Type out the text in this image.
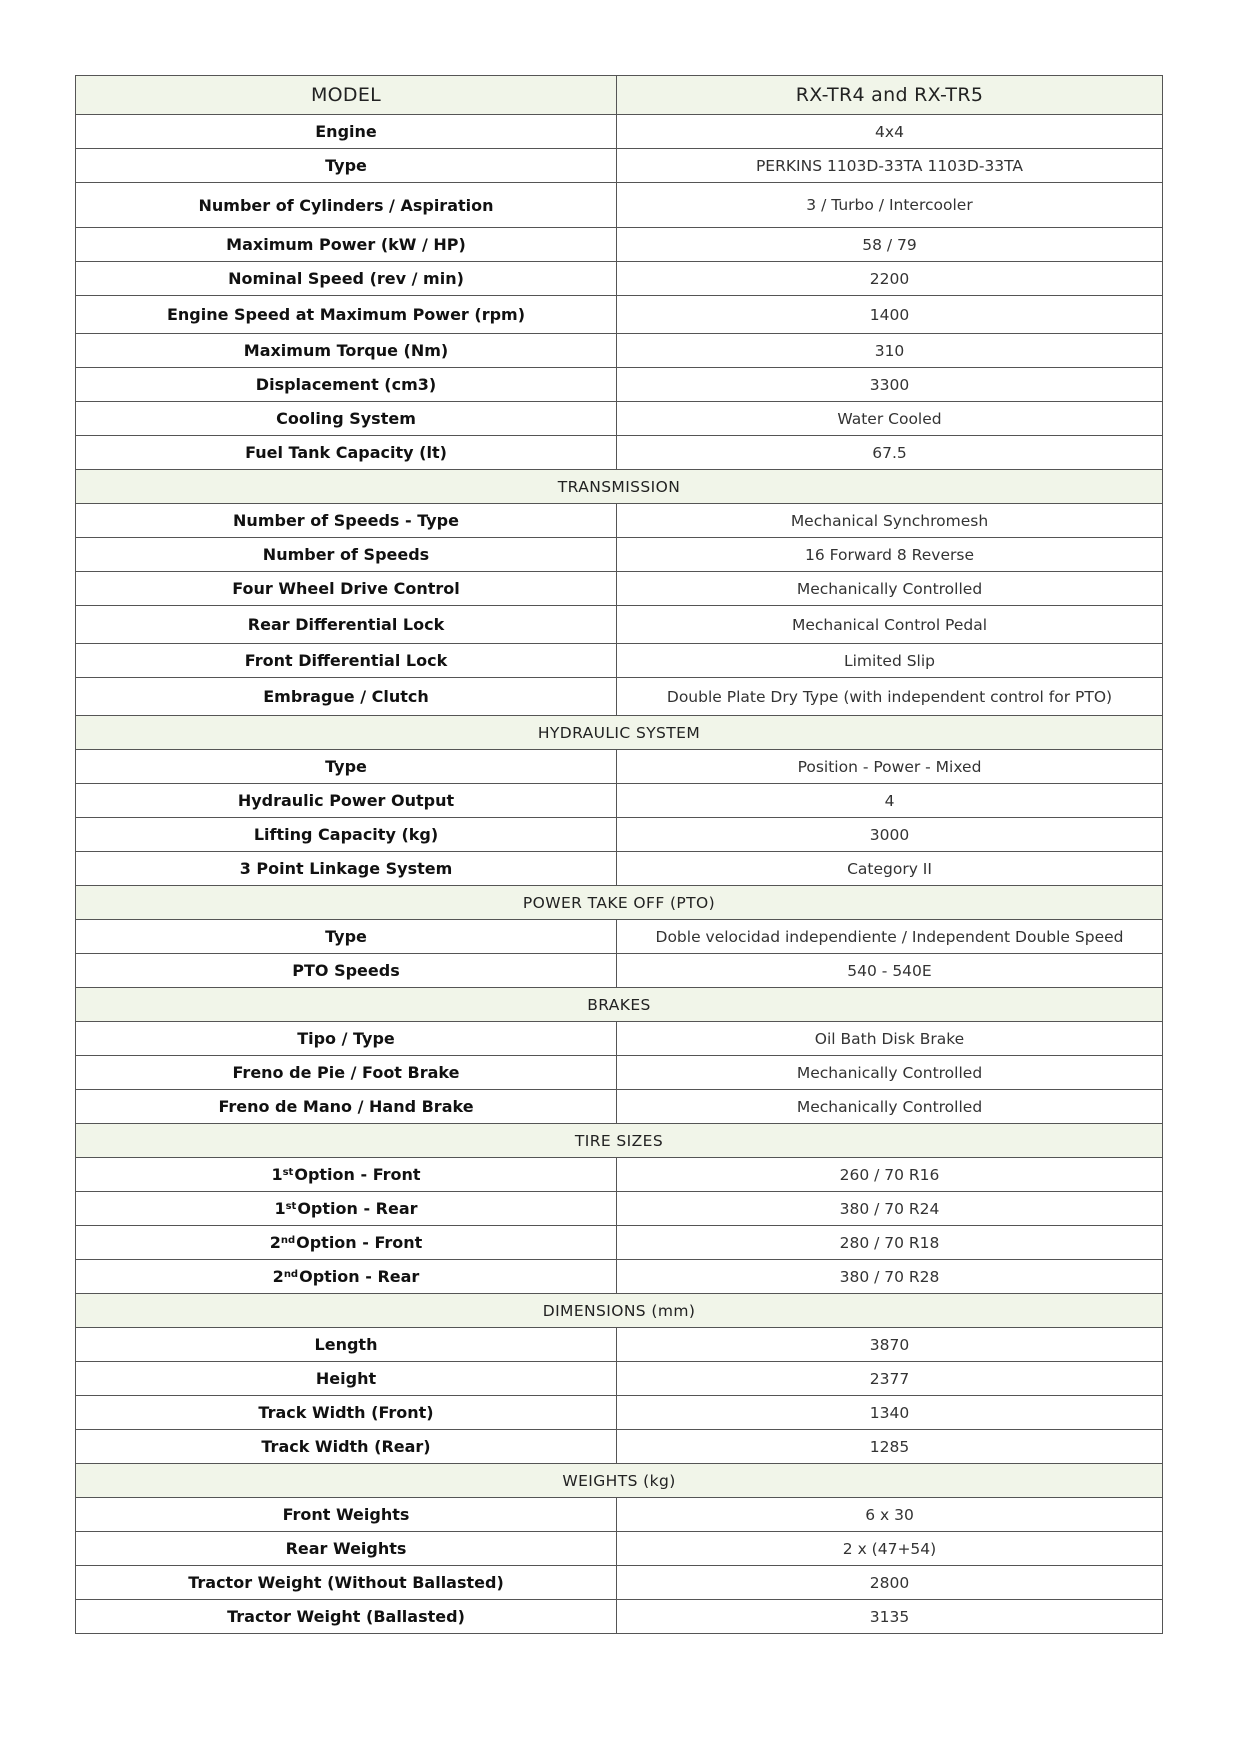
MODEL	RX-TR4 and RX-TR5
Engine	4x4
Type	PERKINS 1103D-33TA 1103D-33TA
Number of Cylinders / Aspiration	3 / Turbo / Intercooler
Maximum Power (kW / HP)	58 / 79
Nominal Speed (rev / min)	2200
Engine Speed at Maximum Power (rpm)	1400
Maximum Torque (Nm)	310
Displacement (cm3)	3300
Cooling System	Water Cooled
Fuel Tank Capacity (lt)	67.5
TRANSMISSION	
Number of Speeds - Type	Mechanical Synchromesh
Number of Speeds	16 Forward 8 Reverse
Four Wheel Drive Control	Mechanically Controlled
Rear Differential Lock	Mechanical Control Pedal
Front Differential Lock	Limited Slip
Embrague / Clutch	Double Plate Dry Type (with independent control for PTO)
HYDRAULIC SYSTEM	
Type	Position - Power - Mixed
Hydraulic Power Output	4
Lifting Capacity (kg)	3000
3 Point Linkage System	Category II
POWER TAKE OFF (PTO)	
Type	Doble velocidad independiente / Independent Double Speed
PTO Speeds	540 - 540E
BRAKES	
Tipo / Type	Oil Bath Disk Brake
Freno de Pie / Foot Brake	Mechanically Controlled
Freno de Mano / Hand Brake	Mechanically Controlled
TIRE SIZES	
1stOption - Front	260 / 70 R16
1stOption - Rear	380 / 70 R24
2ndOption - Front	280 / 70 R18
2ndOption - Rear	380 / 70 R28
DIMENSIONS (mm)	
Length	3870
Height	2377
Track Width (Front)	1340
Track Width (Rear)	1285
WEIGHTS (kg)	
Front Weights	6 x 30
Rear Weights	2 x (47+54)
Tractor Weight (Without Ballasted)	2800
Tractor Weight (Ballasted)	3135
